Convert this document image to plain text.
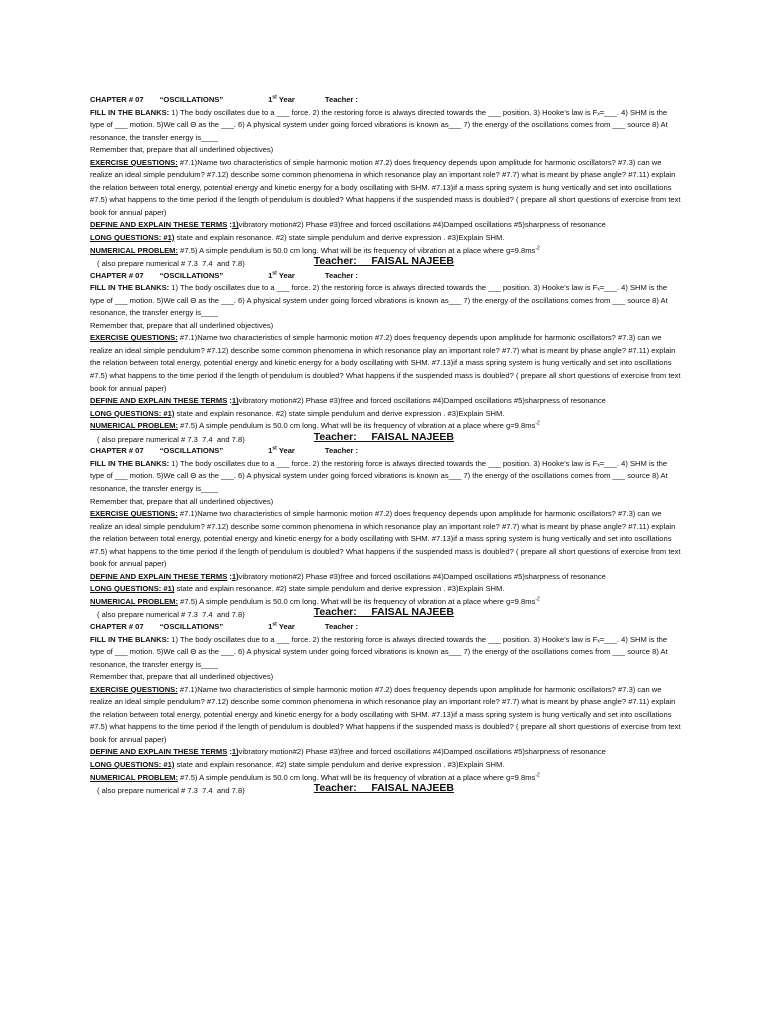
CHAPTER # 07 “OSCILLATIONS”	1st Year	Teacher :

FILL IN THE BLANKS: 1) The body oscillates due to a ___ force. 2) the restoring force is always directed towards the ___ position. 3) Hooke’s law is Fₓ=___. 4) SHM is the type of ___ motion. 5)We call Θ as the ___. 6) A physical system under going forced vibrations is known as___ 7) the energy of the oscillations comes from ___ source 8) At resonance, the transfer energy is____

Remember that, prepare that all underlined objectives)

EXERCISE QUESTIONS: #7.1)Name two characteristics of simple harmonic motion #7.2) does frequency depends upon amplitude for harmonic oscillators? #7.3) can we realize an ideal simple pendulum? #7.12) describe some common phenomena in which resonance play an important role? #7.7) what is meant by phase angle? #7.11) explain the relation between total energy, potential energy and kinetic energy for a body oscillating with SHM. #7.13)if a mass spring system is hung vertically and set into oscillations #7.5) what happens to the time period if the length of pendulum is doubled? What happens if the suspended mass is doubled? ( prepare all short questions of exercise from text book for annual paper)

DEFINE AND EXPLAIN THESE TERMS :1)vibratory motion#2) Phase #3)free and forced oscillations #4)Damped oscillations #5)sharpness of resonance

LONG QUESTIONS: #1) state and explain resonance. #2) state simple pendulum and derive expression . #3)Explain SHM.

NUMERICAL PROBLEM: #7.5) A simple pendulum is 50.0 cm long. What will be its frequency of vibration at a place where $g=9.8ms^{-2}$

( also prepare numerical # 7.3  7.4  and 7.8)	Teacher:     FAISAL NAJEEB

CHAPTER # 07 “OSCILLATIONS”	1st Year	Teacher :

FILL IN THE BLANKS: 1) The body oscillates due to a ___ force. 2) the restoring force is always directed towards the ___ position. 3) Hooke’s law is Fₓ=___. 4) SHM is the type of ___ motion. 5)We call Θ as the ___. 6) A physical system under going forced vibrations is known as___ 7) the energy of the oscillations comes from ___ source 8) At resonance, the transfer energy is____

Remember that, prepare that all underlined objectives)

EXERCISE QUESTIONS: #7.1)Name two characteristics of simple harmonic motion #7.2) does frequency depends upon amplitude for harmonic oscillators? #7.3) can we realize an ideal simple pendulum? #7.12) describe some common phenomena in which resonance play an important role? #7.7) what is meant by phase angle? #7.11) explain the relation between total energy, potential energy and kinetic energy for a body oscillating with SHM. #7.13)if a mass spring system is hung vertically and set into oscillations #7.5) what happens to the time period if the length of pendulum is doubled? What happens if the suspended mass is doubled? ( prepare all short questions of exercise from text book for annual paper)

DEFINE AND EXPLAIN THESE TERMS :1)vibratory motion#2) Phase #3)free and forced oscillations #4)Damped oscillations #5)sharpness of resonance

LONG QUESTIONS: #1) state and explain resonance. #2) state simple pendulum and derive expression . #3)Explain SHM.

NUMERICAL PROBLEM: #7.5) A simple pendulum is 50.0 cm long. What will be its frequency of vibration at a place where $g=9.8ms^{-2}$

( also prepare numerical # 7.3  7.4  and 7.8)	Teacher:     FAISAL NAJEEB

CHAPTER # 07 “OSCILLATIONS”	1st Year	Teacher :

FILL IN THE BLANKS: 1) The body oscillates due to a ___ force. 2) the restoring force is always directed towards the ___ position. 3) Hooke’s law is Fₓ=___. 4) SHM is the type of ___ motion. 5)We call Θ as the ___. 6) A physical system under going forced vibrations is known as___ 7) the energy of the oscillations comes from ___ source 8) At resonance, the transfer energy is____

Remember that, prepare that all underlined objectives)

EXERCISE QUESTIONS: #7.1)Name two characteristics of simple harmonic motion #7.2) does frequency depends upon amplitude for harmonic oscillators? #7.3) can we realize an ideal simple pendulum? #7.12) describe some common phenomena in which resonance play an important role? #7.7) what is meant by phase angle? #7.11) explain the relation between total energy, potential energy and kinetic energy for a body oscillating with SHM. #7.13)if a mass spring system is hung vertically and set into oscillations #7.5) what happens to the time period if the length of pendulum is doubled? What happens if the suspended mass is doubled? ( prepare all short questions of exercise from text book for annual paper)

DEFINE AND EXPLAIN THESE TERMS :1)vibratory motion#2) Phase #3)free and forced oscillations #4)Damped oscillations #5)sharpness of resonance

LONG QUESTIONS: #1) state and explain resonance. #2) state simple pendulum and derive expression . #3)Explain SHM.

NUMERICAL PROBLEM: #7.5) A simple pendulum is 50.0 cm long. What will be its frequency of vibration at a place where $g=9.8ms^{-2}$

( also prepare numerical # 7.3  7.4  and 7.8)	Teacher:     FAISAL NAJEEB

CHAPTER # 07 “OSCILLATIONS”	1st Year	Teacher :

FILL IN THE BLANKS: 1) The body oscillates due to a ___ force. 2) the restoring force is always directed towards the ___ position. 3) Hooke’s law is Fₓ=___. 4) SHM is the type of ___ motion. 5)We call Θ as the ___. 6) A physical system under going forced vibrations is known as___ 7) the energy of the oscillations comes from ___ source 8) At resonance, the transfer energy is____

Remember that, prepare that all underlined objectives)

EXERCISE QUESTIONS: #7.1)Name two characteristics of simple harmonic motion #7.2) does frequency depends upon amplitude for harmonic oscillators? #7.3) can we realize an ideal simple pendulum? #7.12) describe some common phenomena in which resonance play an important role? #7.7) what is meant by phase angle? #7.11) explain the relation between total energy, potential energy and kinetic energy for a body oscillating with SHM. #7.13)if a mass spring system is hung vertically and set into oscillations #7.5) what happens to the time period if the length of pendulum is doubled? What happens if the suspended mass is doubled? ( prepare all short questions of exercise from text book for annual paper)

DEFINE AND EXPLAIN THESE TERMS :1)vibratory motion#2) Phase #3)free and forced oscillations #4)Damped oscillations #5)sharpness of resonance

LONG QUESTIONS: #1) state and explain resonance. #2) state simple pendulum and derive expression . #3)Explain SHM.

NUMERICAL PROBLEM: #7.5) A simple pendulum is 50.0 cm long. What will be its frequency of vibration at a place where $g=9.8ms^{-2}$

( also prepare numerical # 7.3  7.4  and 7.8)	Teacher:     FAISAL NAJEEB
